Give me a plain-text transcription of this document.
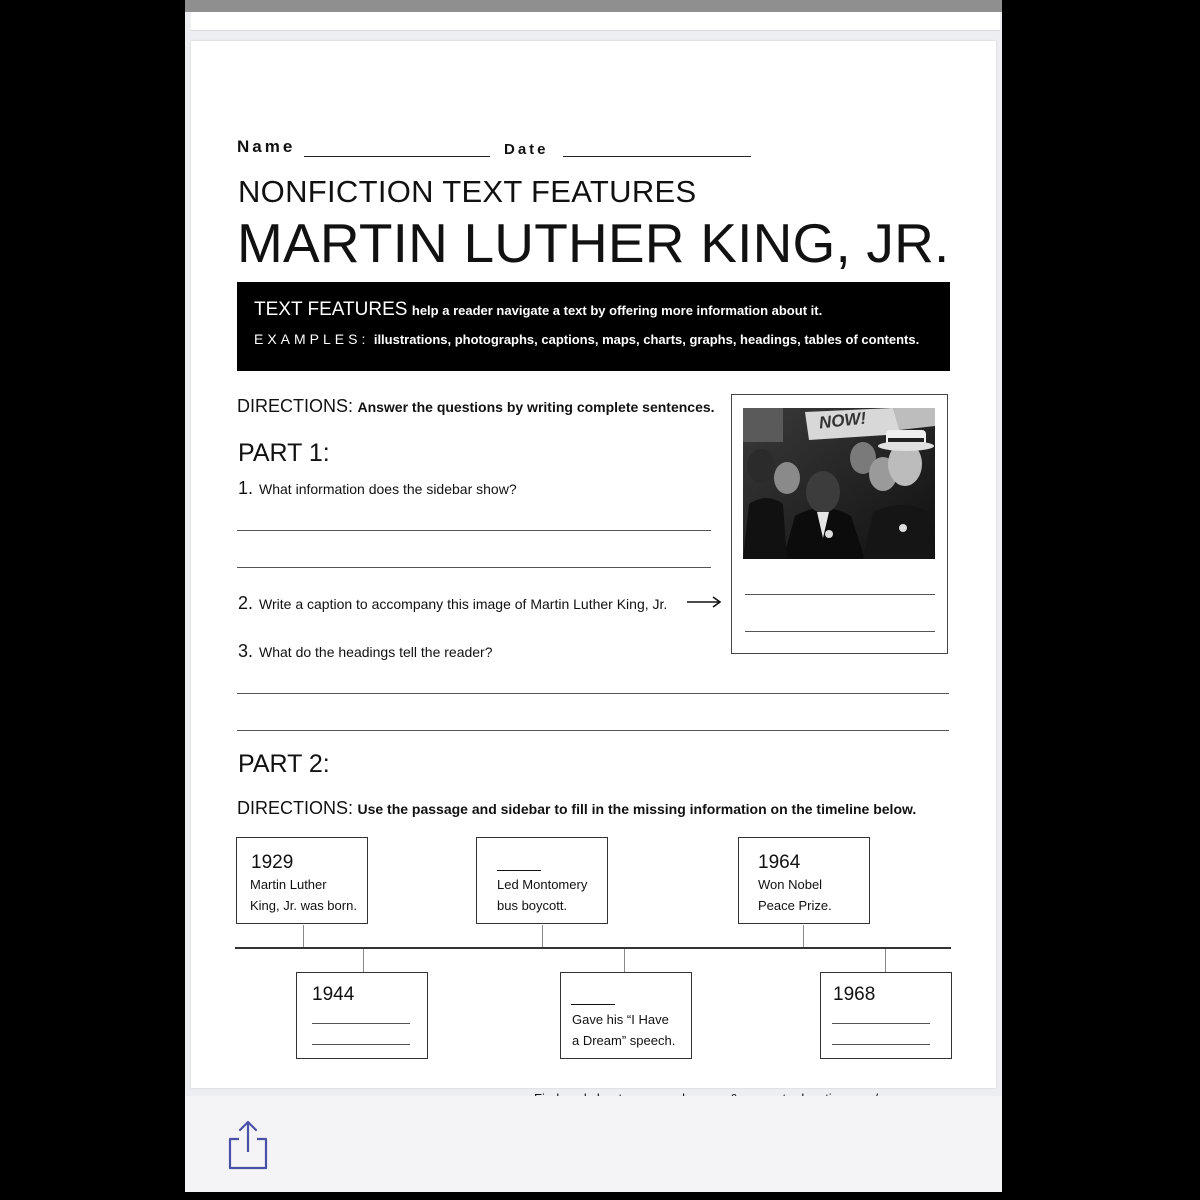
Name	Date
NONFICTION TEXT FEATURES
MARTIN LUTHER KING, JR.
TEXT FEATURES help a reader navigate a text by offering more information about it.
EXAMPLES: illustrations, photographs, captions, maps, charts, graphs, headings, tables of contents.
DIRECTIONS: Answer the questions by writing complete sentences.
PART 1:
1. What information does the sidebar show?
2. Write a caption to accompany this image of Martin Luther King, Jr.
3. What do the headings tell the reader?
NOW!
PART 2:
DIRECTIONS: Use the passage and sidebar to fill in the missing information on the timeline below.
1929
Martin Luther
King, Jr. was born.
Led Montomery
bus boycott.
1964
Won Nobel
Peace Prize.
1944
Gave his “I Have
a Dream” speech.
1968
